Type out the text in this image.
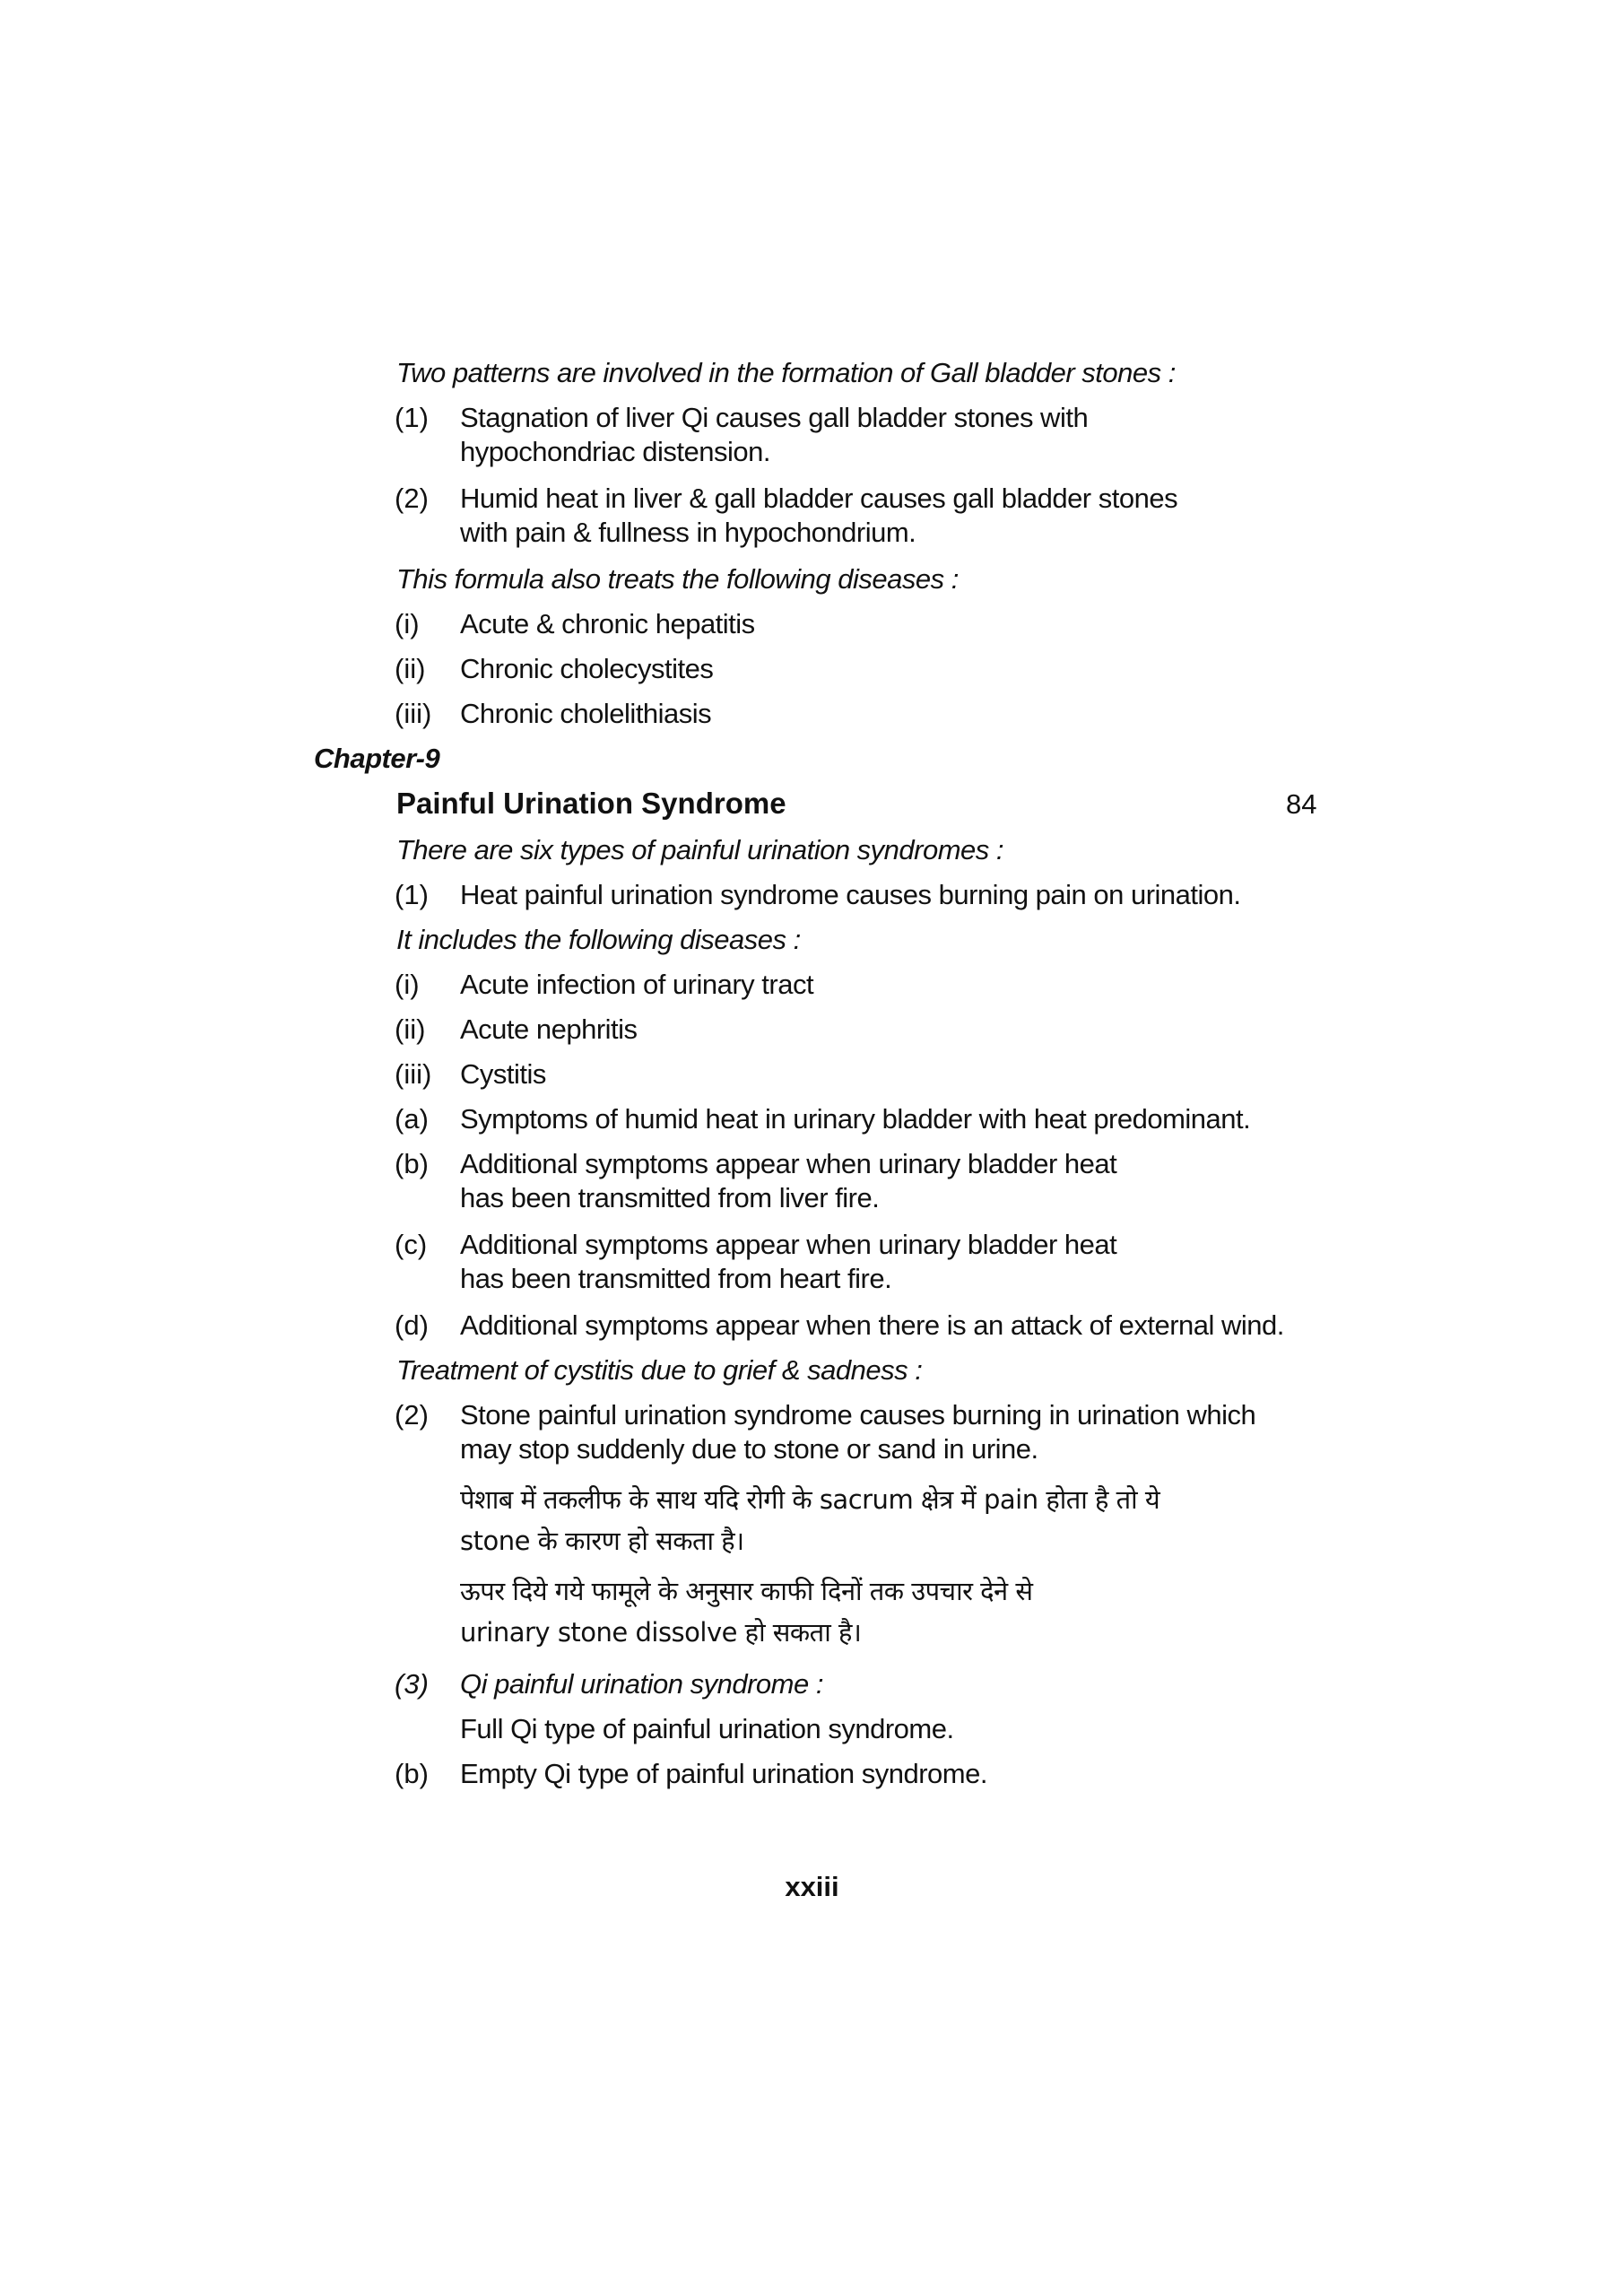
Two patterns are involved in the formation of Gall bladder stones :
(1) Stagnation of liver Qi causes gall bladder stones with
hypochondriac distension.
(2) Humid heat in liver & gall bladder causes gall bladder stones
with pain & fullness in hypochondrium.
This formula also treats the following diseases :
(i) Acute & chronic hepatitis
(ii) Chronic cholecystites
(iii) Chronic cholelithiasis
Chapter-9
Painful Urination Syndrome	84
There are six types of painful urination syndromes :
(1) Heat painful urination syndrome causes burning pain on urination.
It includes the following diseases :
(i) Acute infection of urinary tract
(ii) Acute nephritis
(iii) Cystitis
(a) Symptoms of humid heat in urinary bladder with heat predominant.
(b) Additional symptoms appear when urinary bladder heat
has been transmitted from liver fire.
(c) Additional symptoms appear when urinary bladder heat
has been transmitted from heart fire.
(d) Additional symptoms appear when there is an attack of external wind.
Treatment of cystitis due to grief & sadness :
(2) Stone painful urination syndrome causes burning in urination which
may stop suddenly due to stone or sand in urine.
पेशाब में तकलीफ के साथ यदि रोगी के sacrum क्षेत्र में pain होता है तो ये
stone के कारण हो सकता है।
ऊपर दिये गये फामूले के अनुसार काफी दिनों तक उपचार देने से
urinary stone dissolve हो सकता है।
(3) Qi painful urination syndrome :
Full Qi type of painful urination syndrome.
(b) Empty Qi type of painful urination syndrome.
xxiii
